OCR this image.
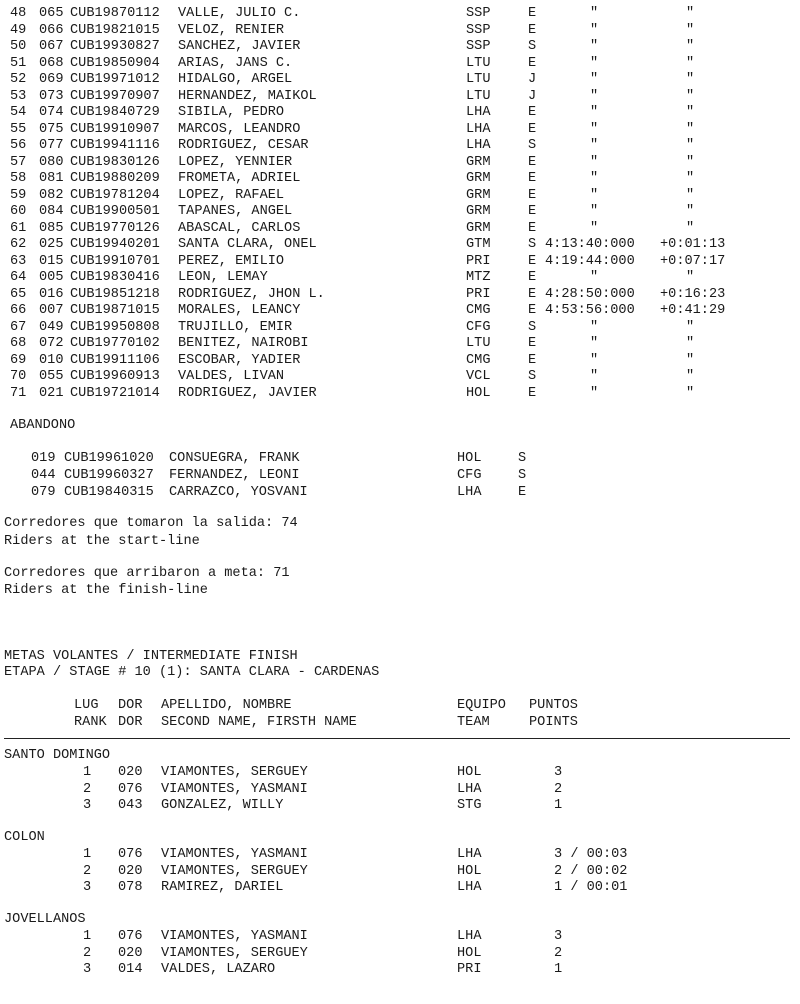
48 065 CUB19870112 VALLE, JULIO C.	SSP	E	"	"
49 066 CUB19821015 VELOZ, RENIER	SSP	E	"	"
50 067 CUB19930827 SANCHEZ, JAVIER	SSP	S	"	"
51 068 CUB19850904 ARIAS, JANS C.	LTU	E	"	"
52 069 CUB19971012 HIDALGO, ARGEL	LTU	J	"	"
53 073 CUB19970907 HERNANDEZ, MAIKOL	LTU	J	"	"
54 074 CUB19840729 SIBILA, PEDRO	LHA	E	"	"
55 075 CUB19910907 MARCOS, LEANDRO	LHA	E	"	"
56 077 CUB19941116 RODRIGUEZ, CESAR	LHA	S	"	"
57 080 CUB19830126 LOPEZ, YENNIER	GRM	E	"	"
58 081 CUB19880209 FROMETA, ADRIEL	GRM	E	"	"
59 082 CUB19781204 LOPEZ, RAFAEL	GRM	E	"	"
60 084 CUB19900501 TAPANES, ANGEL	GRM	E	"	"
61 085 CUB19770126 ABASCAL, CARLOS	GRM	E	"	"
62 025 CUB19940201 SANTA CLARA, ONEL	GTM	S 4:13:40:000 +0:01:13
63 015 CUB19910701 PEREZ, EMILIO	PRI	E 4:19:44:000 +0:07:17
64 005 CUB19830416 LEON, LEMAY	MTZ	E	"	"
65 016 CUB19851218 RODRIGUEZ, JHON L.	PRI	E 4:28:50:000 +0:16:23
66 007 CUB19871015 MORALES, LEANCY	CMG	E 4:53:56:000 +0:41:29
67 049 CUB19950808 TRUJILLO, EMIR	CFG	S	"	"
68 072 CUB19770102 BENITEZ, NAIROBI	LTU	E	"	"
69 010 CUB19911106 ESCOBAR, YADIER	CMG	E	"	"
70 055 CUB19960913 VALDES, LIVAN	VCL	S	"	"
71 021 CUB19721014 RODRIGUEZ, JAVIER	HOL	E	"	"
ABANDONO
019 CUB19961020 CONSUEGRA, FRANK	HOL	S
044 CUB19960327 FERNANDEZ, LEONI	CFG	S
079 CUB19840315 CARRAZCO, YOSVANI	LHA	E
Corredores que tomaron la salida: 74
Riders at the start-line
Corredores que arribaron a meta: 71
Riders at the finish-line
METAS VOLANTES / INTERMEDIATE FINISH
ETAPA / STAGE # 10 (1): SANTA CLARA - CARDENAS
LUG DOR APELLIDO, NOMBRE	EQUIPO PUNTOS
RANK DOR SECOND NAME, FIRSTH NAME	TEAM	POINTS
SANTO DOMINGO
1 020 VIAMONTES, SERGUEY	HOL	3
2 076 VIAMONTES, YASMANI	LHA	2
3 043 GONZALEZ, WILLY	STG	1
COLON
1 076 VIAMONTES, YASMANI	LHA	3 / 00:03
2 020 VIAMONTES, SERGUEY	HOL	2 / 00:02
3 078 RAMIREZ, DARIEL	LHA	1 / 00:01
JOVELLANOS
1 076 VIAMONTES, YASMANI	LHA	3
2 020 VIAMONTES, SERGUEY	HOL	2
3 014 VALDES, LAZARO	PRI	1
